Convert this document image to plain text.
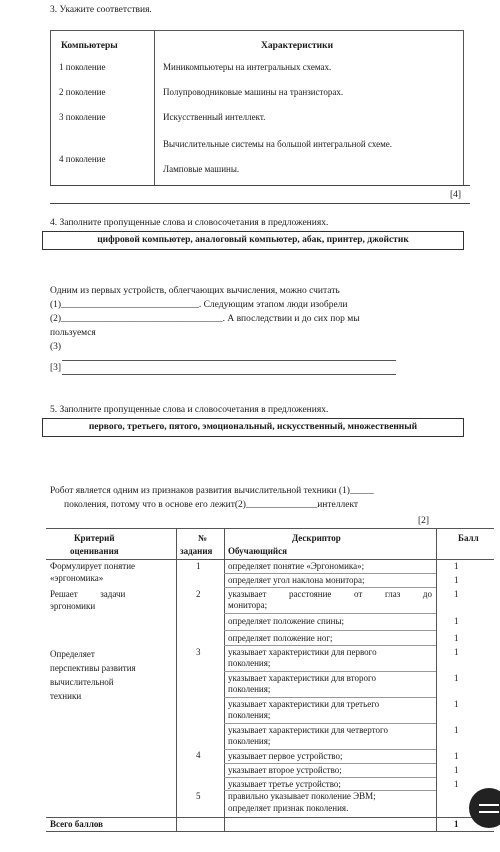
3. Укажите соответствия.
Компьютеры	Характеристики
1 поколение
2 поколение
3 поколение
4 поколение
Миникомпьютеры на интегральных схемах.
Полупроводниковые машины на транзисторах.
Искусственный интеллект.
Вычислительные системы на большой интегральной схеме.
Ламповые машины.
[4]
4. Заполните пропущенные слова и словосочетания в предложениях.
цифровой компьютер, аналоговый компьютер, абак, принтер, джойстик
Одним из первых устройств, облегчающих вычисления, можно считать
(1)_____________________________. Следующим этапом люди изобрели
(2)__________________________________. А впоследствии и до сих пор мы
пользуемся
(3)
[3]
5. Заполните пропущенные слова и словосочетания в предложениях.
первого, третьего, пятого, эмоциональный, искусственный, множественный
Робот является одним из признаков развития вычислительной техники (1)_____
поколения, потому что в основе его лежит(2)_______________интеллект
[2]
Критерий
оценивания
№
задания
Дескриптор
Обучающийся
Балл
Формулирует понятие
«эргономика»
Решает          задачи
эргономики
Определяет
перспективы развития
вычислительной
техники
1
2
3
4
5
определяет понятие «Эргономика»;
определяет угол наклона монитора;
указывает расстояние от глаз до
монитора;
определяет положение спины;
определяет положение ног;
указывает характеристики для первого
поколения;
указывает характеристики для второго
поколения;
указывает характеристики для третьего
поколения;
указывает характеристики для четвертого
поколения;
указывает первое устройство;
указывает второе устройство;
указывает третье устройство;
правильно указывает поколение ЭВМ;
определяет признак поколения.
1
1
1
1
1
1
1
1
1
1
1
1
Всего баллов	1
